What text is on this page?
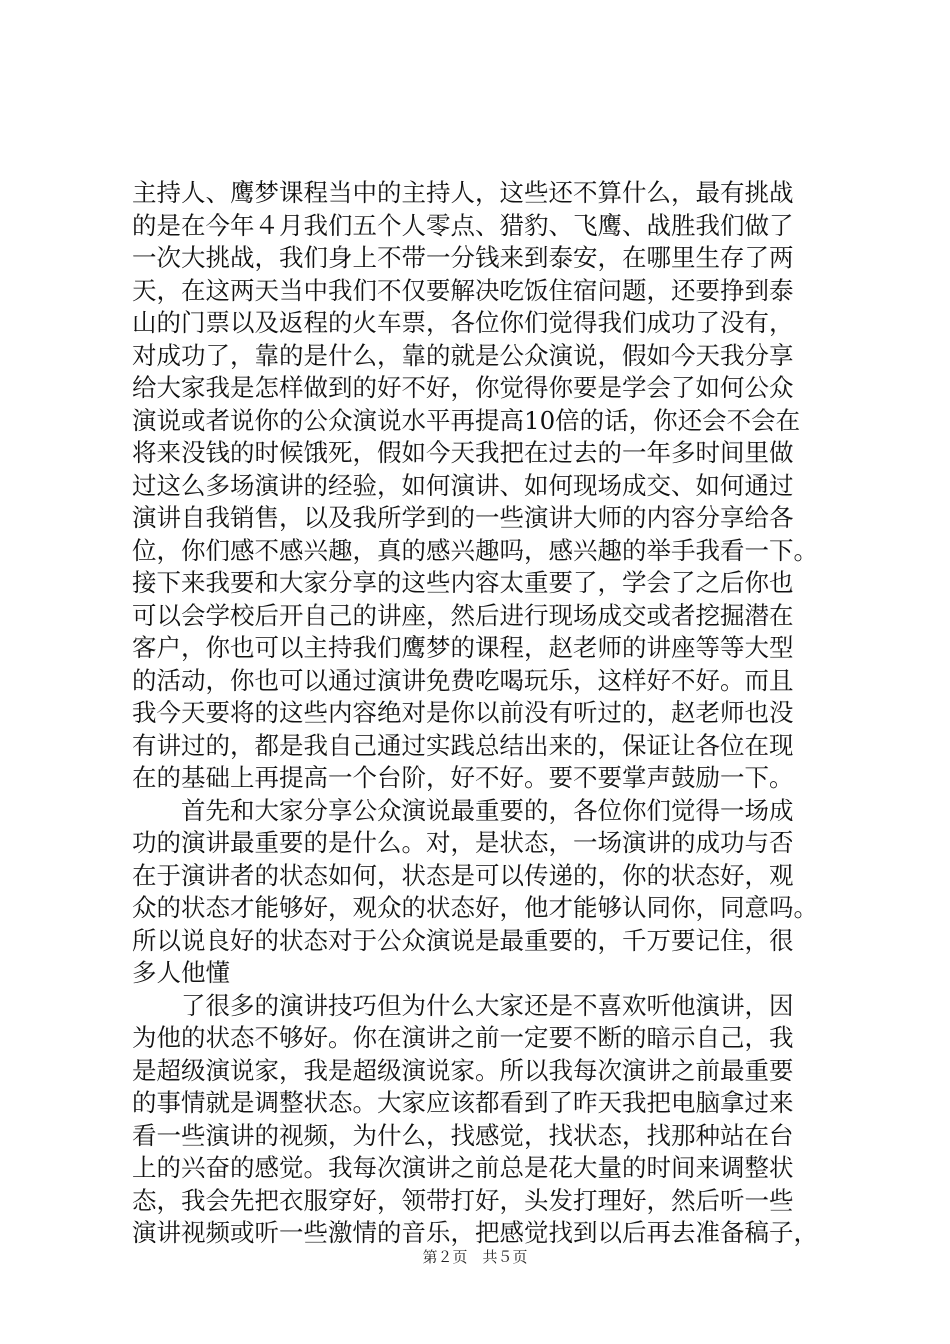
主持人、鹰梦课程当中的主持人，这些还不算什么，最有挑战
的是在今年４月我们五个人零点、猎豹、飞鹰、战胜我们做了
一次大挑战，我们身上不带一分钱来到泰安，在哪里生存了两
天，在这两天当中我们不仅要解决吃饭住宿问题，还要挣到泰
山的门票以及返程的火车票，各位你们觉得我们成功了没有，
对成功了，靠的是什么，靠的就是公众演说，假如今天我分享
给大家我是怎样做到的好不好，你觉得你要是学会了如何公众
演说或者说你的公众演说水平再提高10倍的话，你还会不会在
将来没钱的时候饿死，假如今天我把在过去的一年多时间里做
过这么多场演讲的经验，如何演讲、如何现场成交、如何通过
演讲自我销售，以及我所学到的一些演讲大师的内容分享给各
位，你们感不感兴趣，真的感兴趣吗，感兴趣的举手我看一下。
接下来我要和大家分享的这些内容太重要了，学会了之后你也
可以会学校后开自己的讲座，然后进行现场成交或者挖掘潜在
客户，你也可以主持我们鹰梦的课程，赵老师的讲座等等大型
的活动，你也可以通过演讲免费吃喝玩乐，这样好不好。而且
我今天要将的这些内容绝对是你以前没有听过的，赵老师也没
有讲过的，都是我自己通过实践总结出来的，保证让各位在现
在的基础上再提高一个台阶，好不好。要不要掌声鼓励一下。
　　首先和大家分享公众演说最重要的，各位你们觉得一场成
功的演讲最重要的是什么。对，是状态，一场演讲的成功与否
在于演讲者的状态如何，状态是可以传递的，你的状态好，观
众的状态才能够好，观众的状态好，他才能够认同你，同意吗。
所以说良好的状态对于公众演说是最重要的，千万要记住，很
多人他懂
　　了很多的演讲技巧但为什么大家还是不喜欢听他演讲，因
为他的状态不够好。你在演讲之前一定要不断的暗示自己，我
是超级演说家，我是超级演说家。所以我每次演讲之前最重要
的事情就是调整状态。大家应该都看到了昨天我把电脑拿过来
看一些演讲的视频，为什么，找感觉，找状态，找那种站在台
上的兴奋的感觉。我每次演讲之前总是花大量的时间来调整状
态，我会先把衣服穿好，领带打好，头发打理好，然后听一些
演讲视频或听一些激情的音乐，把感觉找到以后再去准备稿子，
第２页　共５页
